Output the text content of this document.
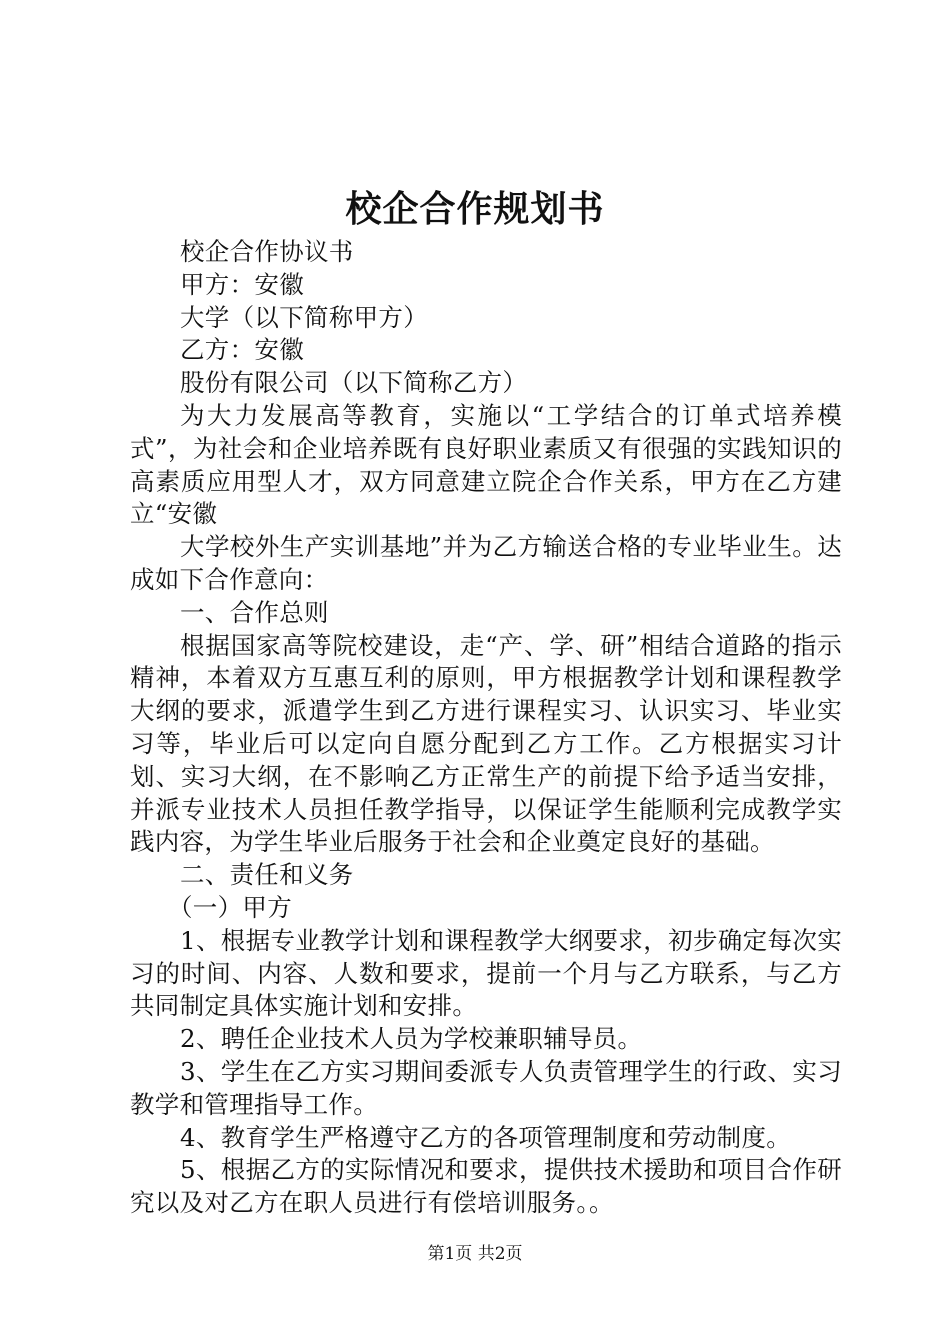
校企合作规划书

校企合作协议书

甲方：安徽

大学（以下简称甲方）

乙方：安徽

股份有限公司（以下简称乙方）

为大力发展高等教育，实施以“工学结合的订单式培养模式”，为社会和企业培养既有良好职业素质又有很强的实践知识的高素质应用型人才，双方同意建立院企合作关系，甲方在乙方建立“安徽

大学校外生产实训基地”并为乙方输送合格的专业毕业生。达成如下合作意向：

一、合作总则

根据国家高等院校建设，走“产、学、研”相结合道路的指示精神，本着双方互惠互利的原则，甲方根据教学计划和课程教学大纲的要求，派遣学生到乙方进行课程实习、认识实习、毕业实习等，毕业后可以定向自愿分配到乙方工作。乙方根据实习计划、实习大纲，在不影响乙方正常生产的前提下给予适当安排，并派专业技术人员担任教学指导，以保证学生能顺利完成教学实践内容，为学生毕业后服务于社会和企业奠定良好的基础。

二、责任和义务

（一）甲方

1、根据专业教学计划和课程教学大纲要求，初步确定每次实习的时间、内容、人数和要求，提前一个月与乙方联系，与乙方共同制定具体实施计划和安排。

2、聘任企业技术人员为学校兼职辅导员。

3、学生在乙方实习期间委派专人负责管理学生的行政、实习教学和管理指导工作。

4、教育学生严格遵守乙方的各项管理制度和劳动制度。

5、根据乙方的实际情况和要求，提供技术援助和项目合作研究以及对乙方在职人员进行有偿培训服务。。

第1页 共2页
